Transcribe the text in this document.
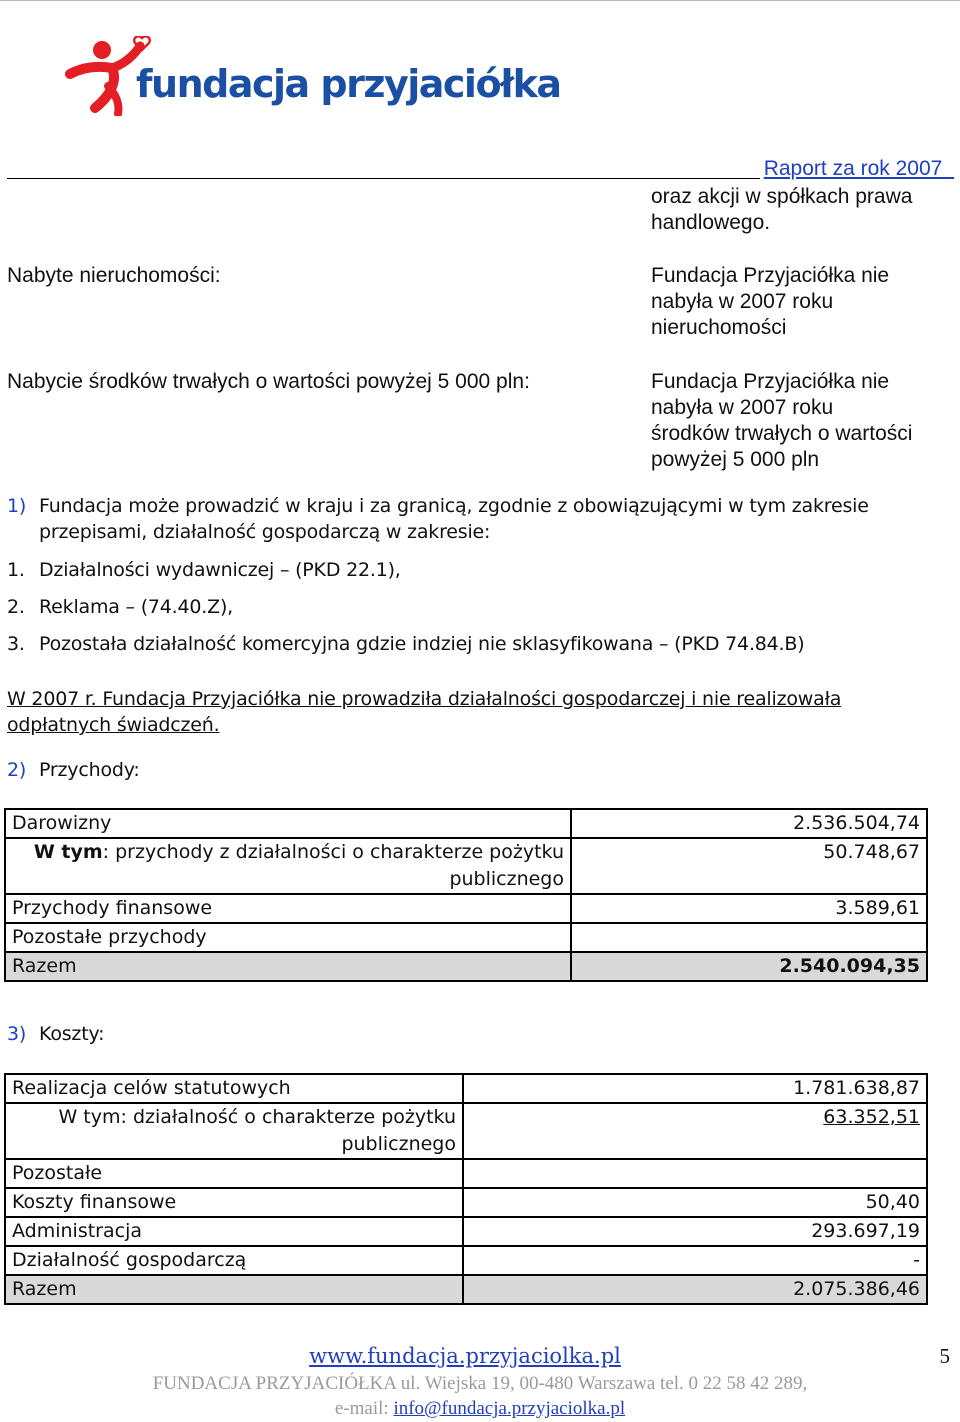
fundacja przyjaciółka
Raport za rok 2007_
oraz akcji w spółkach prawa
handlowego.
Nabyte nieruchomości:	Fundacja Przyjaciółka nie
nabyła w 2007 roku
nieruchomości
Nabycie środków trwałych o wartości powyżej 5 000 pln:	Fundacja Przyjaciółka nie
nabyła w 2007 roku
środków trwałych o wartości
powyżej 5 000 pln
1) Fundacja może prowadzić w kraju i za granicą, zgodnie z obowiązującymi w tym zakresie
przepisami, działalność gospodarczą w zakresie:
1. Działalności wydawniczej – (PKD 22.1),
2. Reklama – (74.40.Z),
3. Pozostała działalność komercyjna gdzie indziej nie sklasyfikowana – (PKD 74.84.B)
W 2007 r. Fundacja Przyjaciółka nie prowadziła działalności gospodarczej i nie realizowała
odpłatnych świadczeń.
2) Przychody:
Darowizny	2.536.504,74
W tym: przychody z działalności o charakterze pożytku
publicznego	50.748,67
Przychody finansowe	3.589,61
Pozostałe przychody	
Razem	2.540.094,35
3) Koszty:
Realizacja celów statutowych	1.781.638,87
W tym: działalność o charakterze pożytku
publicznego	63.352,51
Pozostałe	
Koszty finansowe	50,40
Administracja	293.697,19
Działalność gospodarczą	-
Razem	2.075.386,46
www.fundacja.przyjaciolka.pl
FUNDACJA PRZYJACIÓŁKA ul. Wiejska 19, 00-480 Warszawa tel. 0 22 58 42 289,
e-mail: info@fundacja.przyjaciolka.pl
5
